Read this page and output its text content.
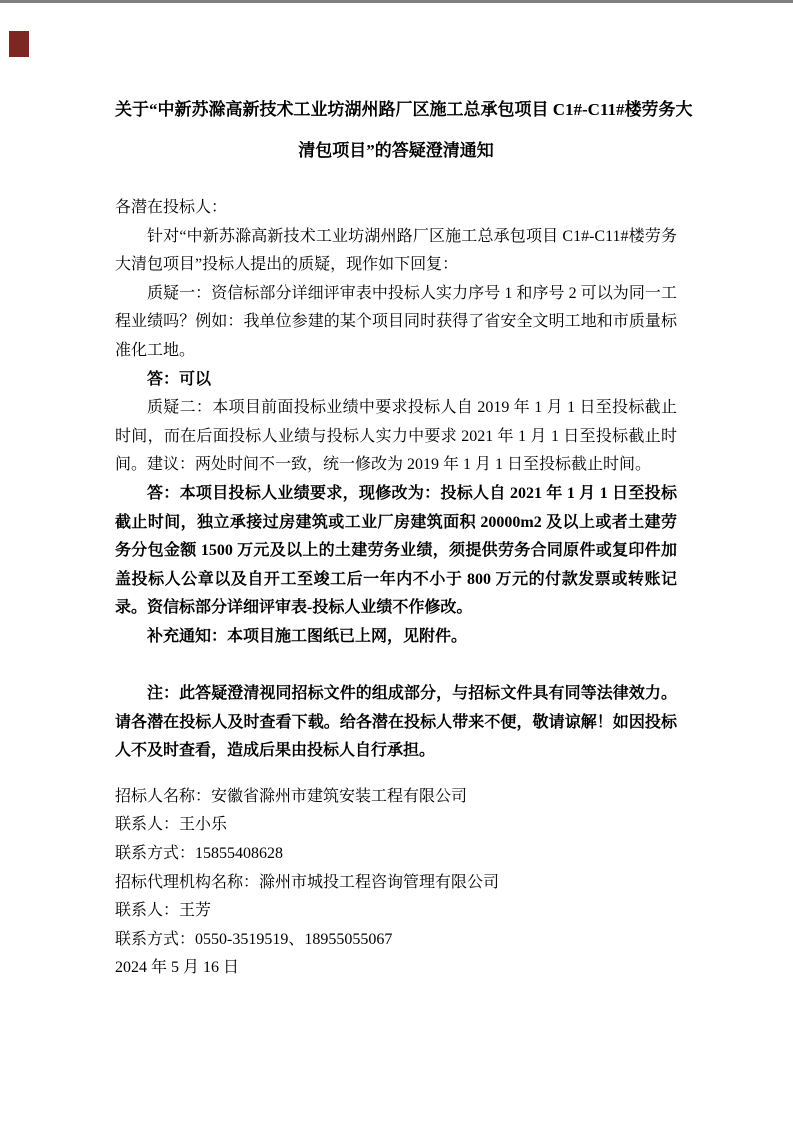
关于“中新苏滁高新技术工业坊湖州路厂区施工总承包项目 C1#-C11#楼劳务大
清包项目”的答疑澄清通知

各潜在投标人：

针对“中新苏滁高新技术工业坊湖州路厂区施工总承包项目 C1#-C11#楼劳务大清包项目”投标人提出的质疑，现作如下回复：

质疑一：资信标部分详细评审表中投标人实力序号 1 和序号 2 可以为同一工程业绩吗？例如：我单位参建的某个项目同时获得了省安全文明工地和市质量标准化工地。

答：可以

质疑二：本项目前面投标业绩中要求投标人自 2019 年 1 月 1 日至投标截止时间，而在后面投标人业绩与投标人实力中要求 2021 年 1 月 1 日至投标截止时间。建议：两处时间不一致，统一修改为 2019 年 1 月 1 日至投标截止时间。

答：本项目投标人业绩要求，现修改为：投标人自 2021 年 1 月 1 日至投标截止时间，独立承接过房建筑或工业厂房建筑面积 20000m2 及以上或者土建劳务分包金额 1500 万元及以上的土建劳务业绩，须提供劳务合同原件或复印件加盖投标人公章以及自开工至竣工后一年内不小于 800 万元的付款发票或转账记录。资信标部分详细评审表-投标人业绩不作修改。

补充通知：本项目施工图纸已上网，见附件。

注：此答疑澄清视同招标文件的组成部分，与招标文件具有同等法律效力。请各潜在投标人及时查看下载。给各潜在投标人带来不便，敬请谅解！如因投标人不及时查看，造成后果由投标人自行承担。

招标人名称：安徽省滁州市建筑安装工程有限公司

联系人：王小乐

联系方式：15855408628

招标代理机构名称：滁州市城投工程咨询管理有限公司

联系人：王芳

联系方式：0550-3519519、18955055067

2024 年 5 月 16 日
